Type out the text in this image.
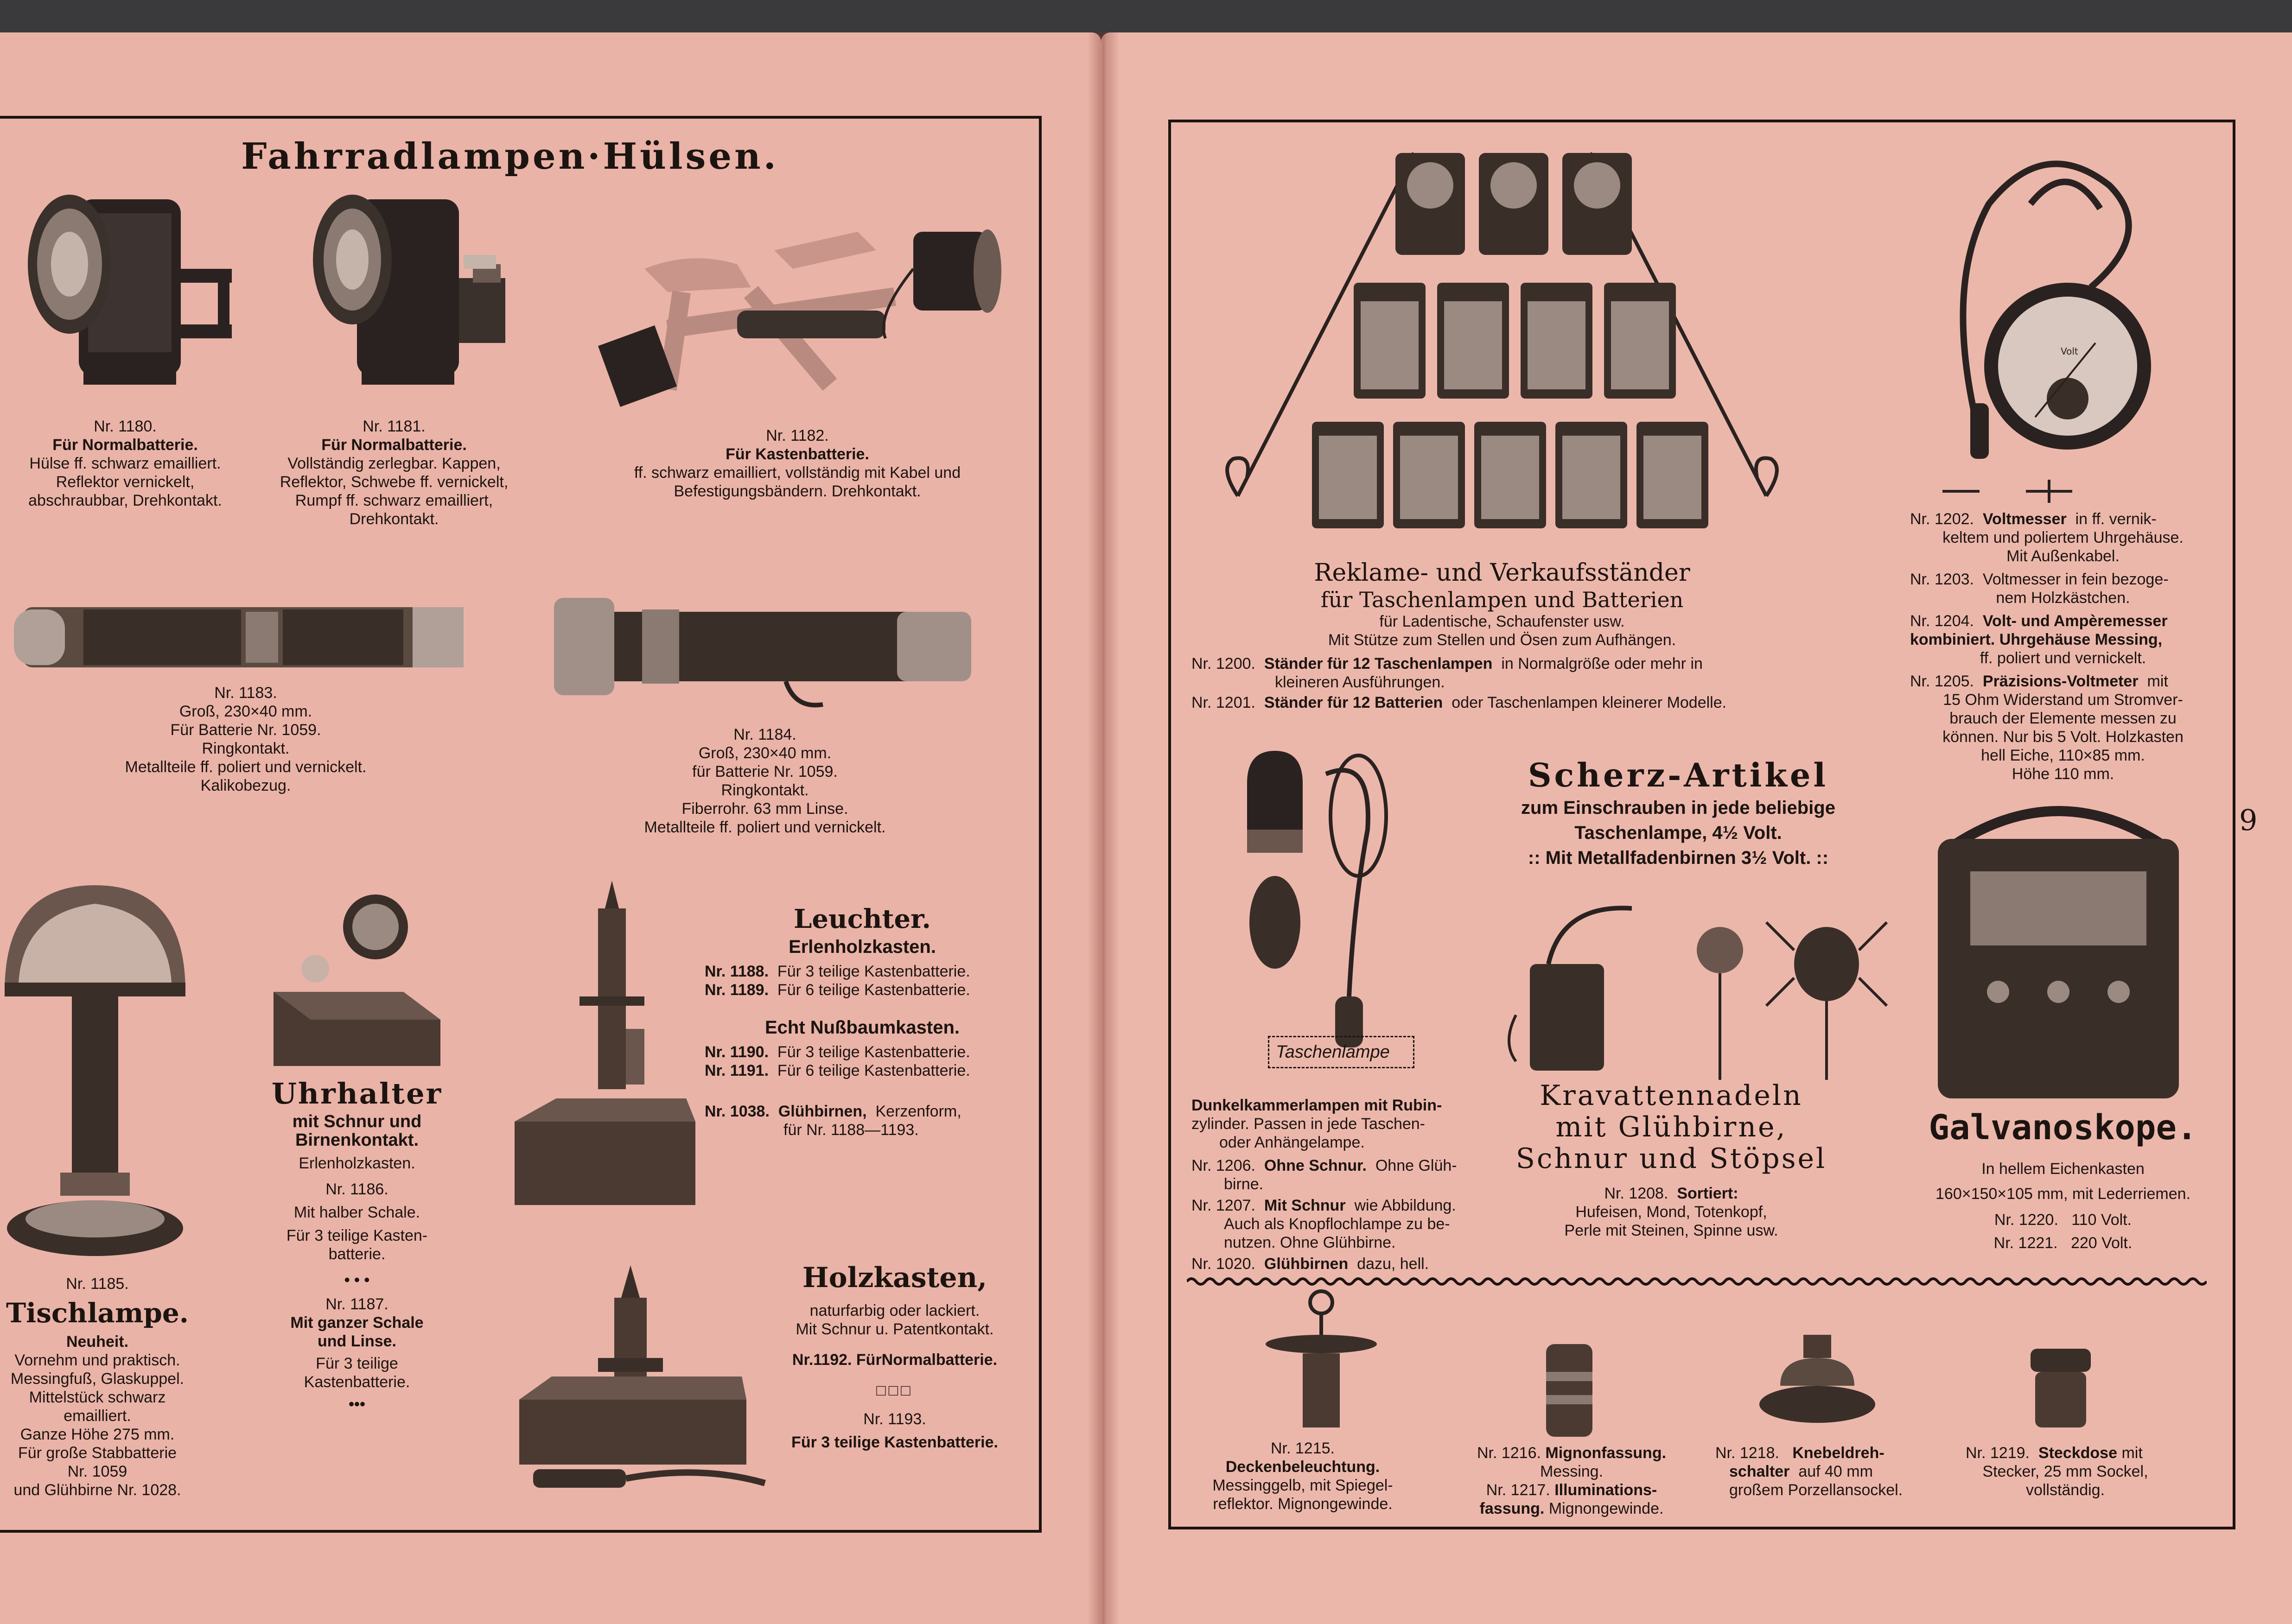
Fahrradlampen·Hülsen.
Nr. 1180.
Für Normalbatterie.
Hülse ff. schwarz emailliert.
Reflektor vernickelt,
abschraubbar, Drehkontakt.
Nr. 1181.
Für Normalbatterie.
Vollständig zerlegbar. Kappen,
Reflektor, Schwebe ff. vernickelt,
Rumpf ff. schwarz emailliert,
Drehkontakt.
Nr. 1182.
Für Kastenbatterie.
ff. schwarz emailliert, vollständig mit Kabel und
Befestigungsbändern. Drehkontakt.
Nr. 1183.
Groß, 230×40 mm.
Für Batterie Nr. 1059.
Ringkontakt.
Metallteile ff. poliert und vernickelt.
Kalikobezug.
Nr. 1184.
Groß, 230×40 mm.
für Batterie Nr. 1059.
Ringkontakt.
Fiberrohr. 63 mm Linse.
Metallteile ff. poliert und vernickelt.
Nr. 1185.
Tischlampe.
Neuheit.
Vornehm und praktisch.
Messingfuß, Glaskuppel.
Mittelstück schwarz
emailliert.
Ganze Höhe 275 mm.
Für große Stabbatterie
Nr. 1059
und Glühbirne Nr. 1028.
Uhrhalter
mit Schnur und
Birnenkontakt.
Erlenholzkasten.
Nr. 1186.
Mit halber Schale.
Für 3 teilige Kasten-
batterie.
• • •
Nr. 1187.
Mit ganzer Schale
und Linse.
Für 3 teilige
Kastenbatterie.
•••
Leuchter.
Erlenholzkasten.
Nr. 1188. Für 3 teilige Kastenbatterie.
Nr. 1189. Für 6 teilige Kastenbatterie.
Echt Nußbaumkasten.
Nr. 1190. Für 3 teilige Kastenbatterie.
Nr. 1191. Für 6 teilige Kastenbatterie.
Nr. 1038. Glühbirnen, Kerzenform,
für Nr. 1188—1193.
Holzkasten,
naturfarbig oder lackiert.
Mit Schnur u. Patentkontakt.
Nr.1192. FürNormalbatterie.
□□□
Nr. 1193.
Für 3 teilige Kastenbatterie.
Reklame- und Verkaufsständer
für Taschenlampen und Batterien
für Ladentische, Schaufenster usw.
Mit Stütze zum Stellen und Ösen zum Aufhängen.
Nr. 1200. Ständer für 12 Taschenlampen in Normalgröße oder mehr in
kleineren Ausführungen.
Nr. 1201. Ständer für 12 Batterien oder Taschenlampen kleinerer Modelle.
Volt
Nr. 1202. Voltmesser in ff. vernik-
keltem und poliertem Uhrgehäuse.
Mit Außenkabel.
Nr. 1203. Voltmesser in fein bezoge-
nem Holzkästchen.
Nr. 1204. Volt- und Ampèremesser
kombiniert. Uhrgehäuse Messing,
ff. poliert und vernickelt.
Nr. 1205. Präzisions-Voltmeter mit
15 Ohm Widerstand um Stromver-
brauch der Elemente messen zu
können. Nur bis 5 Volt. Holzkasten
hell Eiche, 110×85 mm.
Höhe 110 mm.
9
Taschenlampe
Dunkelkammerlampen mit Rubin-
zylinder. Passen in jede Taschen-
oder Anhängelampe.
Nr. 1206. Ohne Schnur. Ohne Glüh-
birne.
Nr. 1207. Mit Schnur wie Abbildung.
Auch als Knopflochlampe zu be-
nutzen. Ohne Glühbirne.
Nr. 1020. Glühbirnen dazu, hell.
Scherz-Artikel
zum Einschrauben in jede beliebige
Taschenlampe, 4½ Volt.
:: Mit Metallfadenbirnen 3½ Volt. ::
Kravattennadeln
mit Glühbirne,
Schnur und Stöpsel
Nr. 1208. Sortiert:
Hufeisen, Mond, Totenkopf,
Perle mit Steinen, Spinne usw.
Galvanoskope.
In hellem Eichenkasten
160×150×105 mm, mit Lederriemen.
Nr. 1220. 110 Volt.
Nr. 1221. 220 Volt.
Nr. 1215.
Deckenbeleuchtung.
Messinggelb, mit Spiegel-
reflektor. Mignongewinde.
Nr. 1216. Mignonfassung.
Messing.
Nr. 1217. Illuminations-
fassung. Mignongewinde.
Nr. 1218. Knebeldreh-
schalter auf 40 mm
großem Porzellansockel.
Nr. 1219. Steckdose mit
Stecker, 25 mm Sockel,
vollständig.
